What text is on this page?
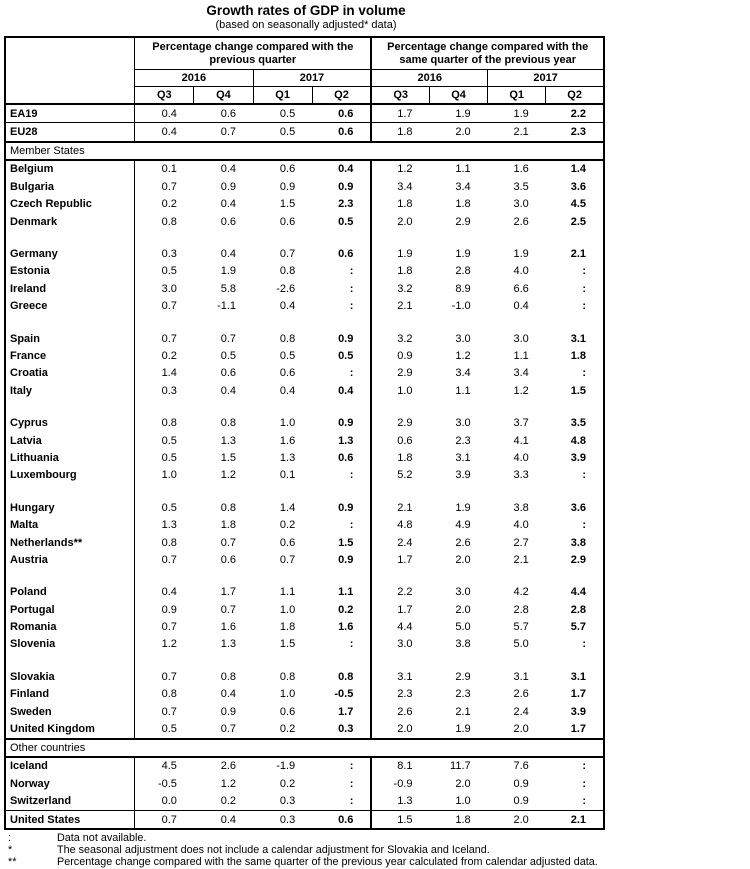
Growth rates of GDP in volume
(based on seasonally adjusted* data)
	Percentage change compared with the previous quarter				Percentage change compared with the same quarter of the previous year			
	2016		2017		2016		2017	
	Q3	Q4	Q1	Q2	Q3	Q4	Q1	Q2
EA19	0.4	0.6	0.5	0.6	1.7	1.9	1.9	2.2
EU28	0.4	0.7	0.5	0.6	1.8	2.0	2.1	2.3
Member States								
Belgium	0.1	0.4	0.6	0.4	1.2	1.1	1.6	1.4
Bulgaria	0.7	0.9	0.9	0.9	3.4	3.4	3.5	3.6
Czech Republic	0.2	0.4	1.5	2.3	1.8	1.8	3.0	4.5
Denmark	0.8	0.6	0.6	0.5	2.0	2.9	2.6	2.5

Germany	0.3	0.4	0.7	0.6	1.9	1.9	1.9	2.1
Estonia	0.5	1.9	0.8	:	1.8	2.8	4.0	:
Ireland	3.0	5.8	-2.6	:	3.2	8.9	6.6	:
Greece	0.7	-1.1	0.4	:	2.1	-1.0	0.4	:

Spain	0.7	0.7	0.8	0.9	3.2	3.0	3.0	3.1
France	0.2	0.5	0.5	0.5	0.9	1.2	1.1	1.8
Croatia	1.4	0.6	0.6	:	2.9	3.4	3.4	:
Italy	0.3	0.4	0.4	0.4	1.0	1.1	1.2	1.5

Cyprus	0.8	0.8	1.0	0.9	2.9	3.0	3.7	3.5
Latvia	0.5	1.3	1.6	1.3	0.6	2.3	4.1	4.8
Lithuania	0.5	1.5	1.3	0.6	1.8	3.1	4.0	3.9
Luxembourg	1.0	1.2	0.1	:	5.2	3.9	3.3	:

Hungary	0.5	0.8	1.4	0.9	2.1	1.9	3.8	3.6
Malta	1.3	1.8	0.2	:	4.8	4.9	4.0	:
Netherlands**	0.8	0.7	0.6	1.5	2.4	2.6	2.7	3.8
Austria	0.7	0.6	0.7	0.9	1.7	2.0	2.1	2.9

Poland	0.4	1.7	1.1	1.1	2.2	3.0	4.2	4.4
Portugal	0.9	0.7	1.0	0.2	1.7	2.0	2.8	2.8
Romania	0.7	1.6	1.8	1.6	4.4	5.0	5.7	5.7
Slovenia	1.2	1.3	1.5	:	3.0	3.8	5.0	:

Slovakia	0.7	0.8	0.8	0.8	3.1	2.9	3.1	3.1
Finland	0.8	0.4	1.0	-0.5	2.3	2.3	2.6	1.7
Sweden	0.7	0.9	0.6	1.7	2.6	2.1	2.4	3.9
United Kingdom	0.5	0.7	0.2	0.3	2.0	1.9	2.0	1.7
Other countries								
Iceland	4.5	2.6	-1.9	:	8.1	11.7	7.6	:
Norway	-0.5	1.2	0.2	:	-0.9	2.0	0.9	:
Switzerland	0.0	0.2	0.3	:	1.3	1.0	0.9	:
United States	0.7	0.4	0.3	0.6	1.5	1.8	2.0	2.1
:	Data not available.
*	The seasonal adjustment does not include a calendar adjustment for Slovakia and Iceland.
**	Percentage change compared with the same quarter of the previous year calculated from calendar adjusted data.
